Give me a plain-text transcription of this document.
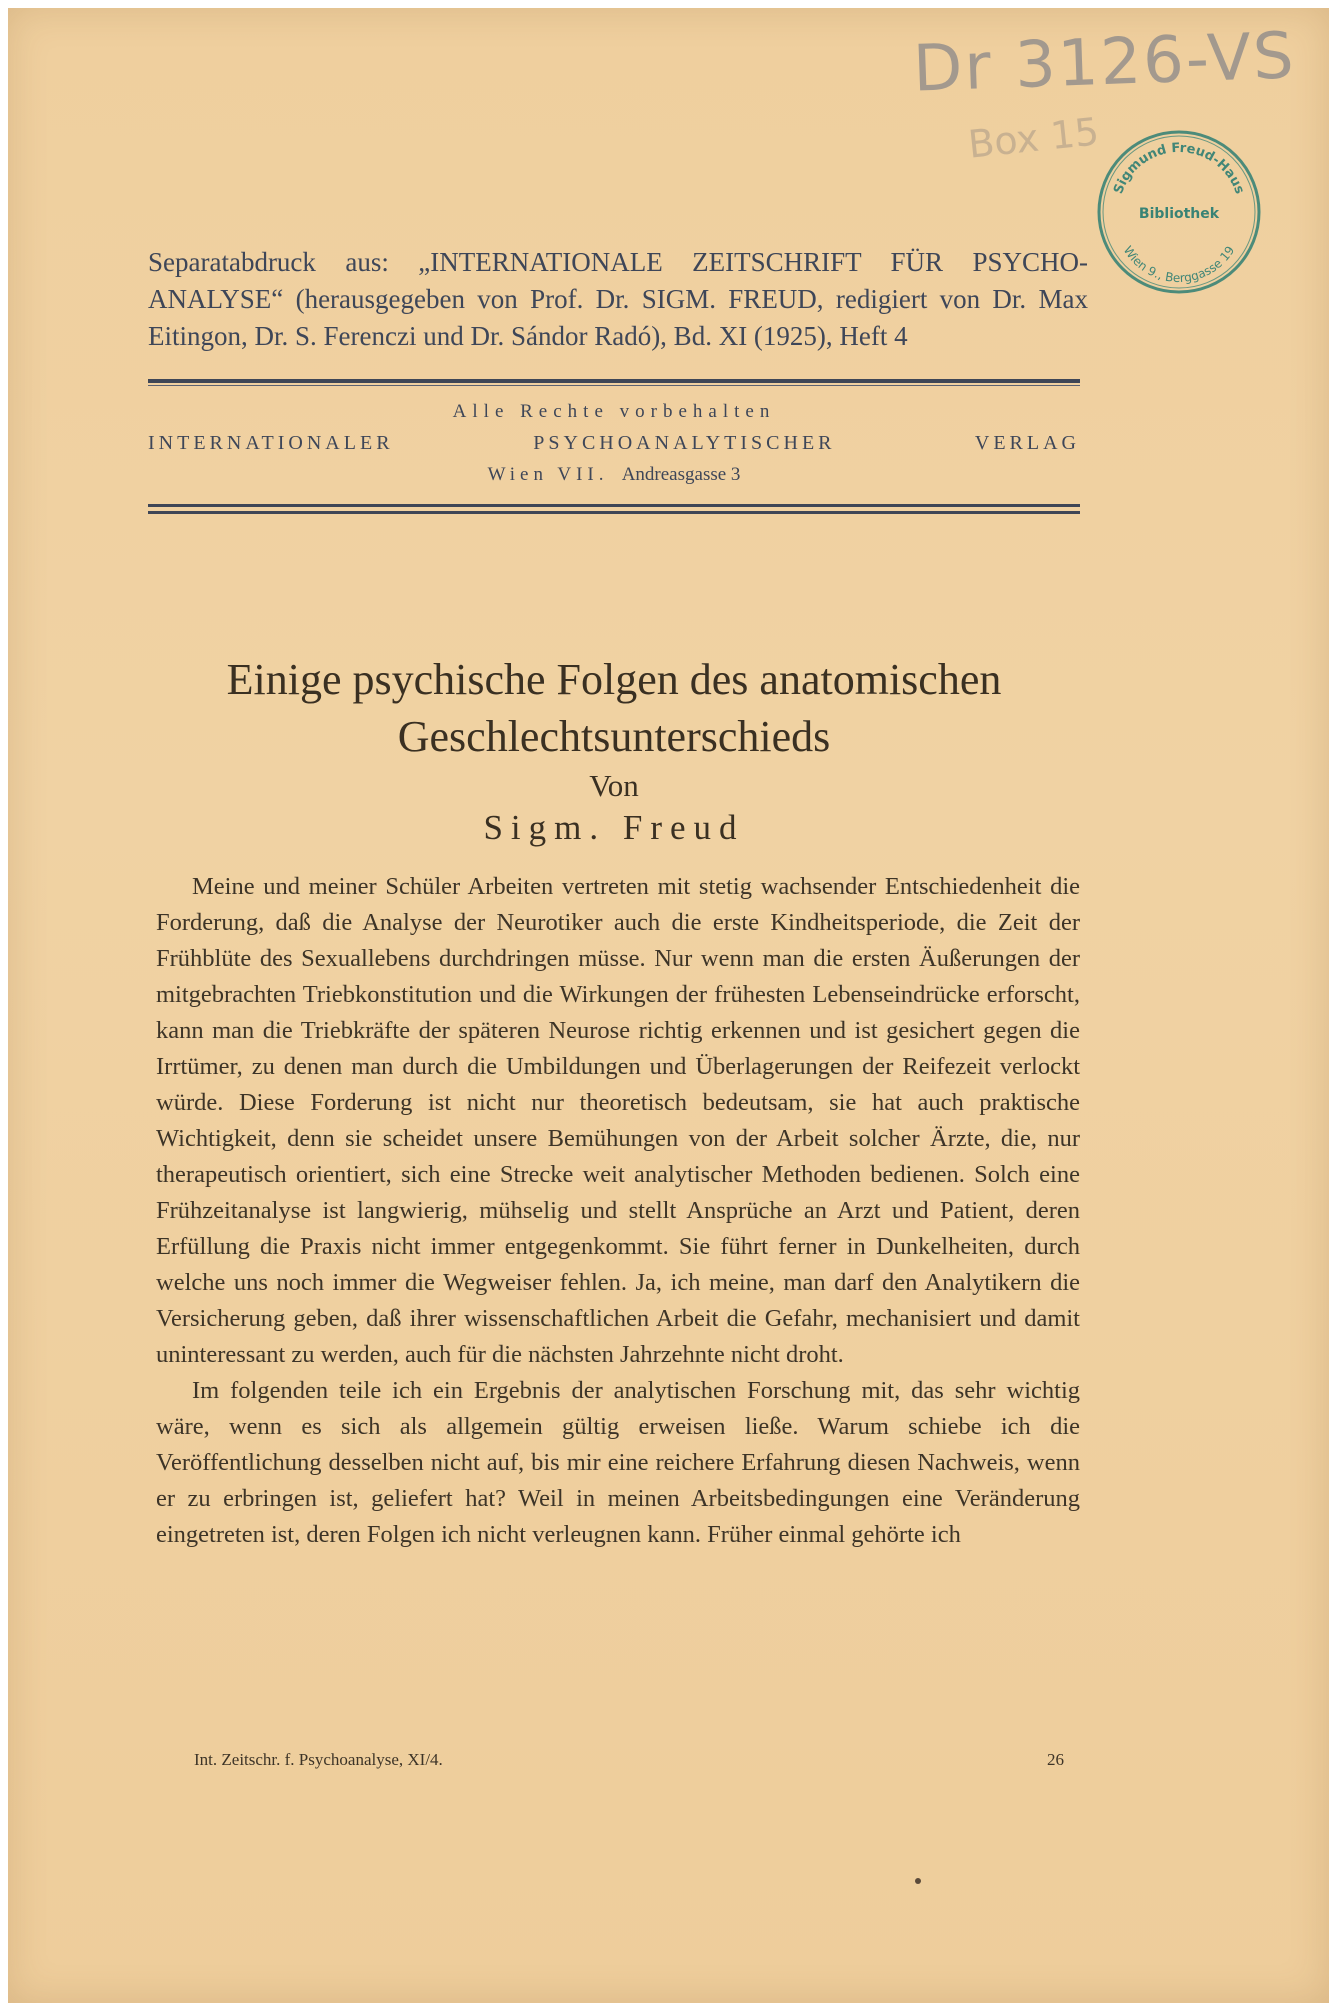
Dr 3126-VS
Box 15
Sigmund Freud-Haus
Bibliothek
Wien 9., Berggasse 19
Separatabdruck aus: „INTERNATIONALE ZEITSCHRIFT FÜR PSYCHO-ANALYSE“ (herausgegeben von Prof. Dr. SIGM. FREUD, redigiert von Dr. Max Eitingon, Dr. S. Ferenczi und Dr. Sándor Radó), Bd. XI (1925), Heft 4
Alle Rechte vorbehalten
INTERNATIONALER PSYCHOANALYTISCHER VERLAG
Wien VII. Andreasgasse 3
Einige psychische Folgen des anatomischen Geschlechtsunterschieds
Von
Sigm. Freud

Meine und meiner Schüler Arbeiten vertreten mit stetig wachsender Entschiedenheit die Forderung, daß die Analyse der Neurotiker auch die erste Kindheitsperiode, die Zeit der Frühblüte des Sexuallebens durchdringen müsse. Nur wenn man die ersten Äußerungen der mitgebrachten Triebkonstitution und die Wirkungen der frühesten Lebenseindrücke erforscht, kann man die Triebkräfte der späteren Neurose richtig erkennen und ist gesichert gegen die Irrtümer, zu denen man durch die Umbildungen und Überlagerungen der Reifezeit verlockt würde. Diese Forderung ist nicht nur theoretisch bedeutsam, sie hat auch praktische Wichtigkeit, denn sie scheidet unsere Bemühungen von der Arbeit solcher Ärzte, die, nur therapeutisch orientiert, sich eine Strecke weit analytischer Methoden bedienen. Solch eine Frühzeitanalyse ist langwierig, mühselig und stellt Ansprüche an Arzt und Patient, deren Erfüllung die Praxis nicht immer entgegenkommt. Sie führt ferner in Dunkelheiten, durch welche uns noch immer die Wegweiser fehlen. Ja, ich meine, man darf den Analytikern die Versicherung geben, daß ihrer wissenschaftlichen Arbeit die Gefahr, mechanisiert und damit uninteressant zu werden, auch für die nächsten Jahrzehnte nicht droht.

Im folgenden teile ich ein Ergebnis der analytischen Forschung mit, das sehr wichtig wäre, wenn es sich als allgemein gültig erweisen ließe. Warum schiebe ich die Veröffentlichung desselben nicht auf, bis mir eine reichere Erfahrung diesen Nachweis, wenn er zu erbringen ist, geliefert hat? Weil in meinen Arbeitsbedingungen eine Veränderung eingetreten ist, deren Folgen ich nicht verleugnen kann. Früher einmal gehörte ich

Int. Zeitschr. f. Psychoanalyse, XI/4.	26
